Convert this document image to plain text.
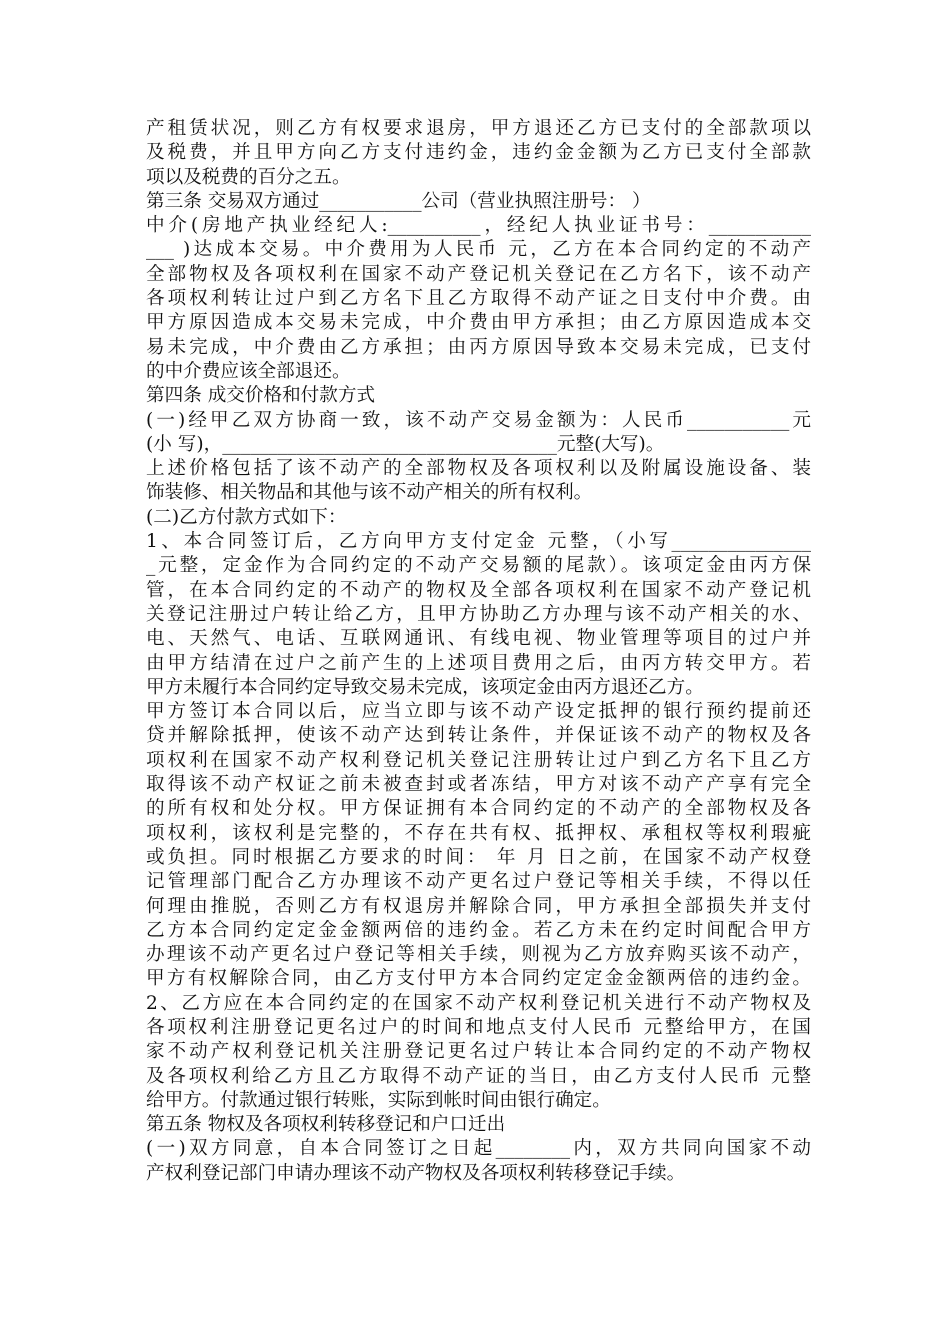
产租赁状况，则乙方有权要求退房，甲方退还乙方已支付的全部款项以
及税费，并且甲方向乙方支付违约金，违约金金额为乙方已支付全部款
项以及税费的百分之五。
第三条 交易双方通过___________公司（营业执照注册号： ）
中介(房地产执业经纪人:__________，经纪人执业证书号：___________
___ )达成本交易。中介费用为人民币 元，乙方在本合同约定的不动产
全部物权及各项权利在国家不动产登记机关登记在乙方名下，该不动产
各项权利转让过户到乙方名下且乙方取得不动产证之日支付中介费。由
甲方原因造成本交易未完成，中介费由甲方承担；由乙方原因造成本交
易未完成，中介费由乙方承担；由丙方原因导致本交易未完成，已支付
的中介费应该全部退还。
第四条 成交价格和付款方式
(一)经甲乙双方协商一致，该不动产交易金额为：人民币___________元
(小 写)，____________________________________元整(大写)。
上述价格包括了该不动产的全部物权及各项权利以及附属设施设备、装
饰装修、相关物品和其他与该不动产相关的所有权利。
(二)乙方付款方式如下：
1、本合同签订后，乙方向甲方支付定金 元整，（小写_______________
_元整，定金作为合同约定的不动产交易额的尾款）。该项定金由丙方保
管，在本合同约定的不动产的物权及全部各项权利在国家不动产登记机
关登记注册过户转让给乙方，且甲方协助乙方办理与该不动产相关的水、
电、天然气、电话、互联网通讯、有线电视、物业管理等项目的过户并
由甲方结清在过户之前产生的上述项目费用之后，由丙方转交甲方。若
甲方未履行本合同约定导致交易未完成，该项定金由丙方退还乙方。
甲方签订本合同以后，应当立即与该不动产设定抵押的银行预约提前还
贷并解除抵押，使该不动产达到转让条件，并保证该不动产的物权及各
项权利在国家不动产权利登记机关登记注册转让过户到乙方名下且乙方
取得该不动产权证之前未被查封或者冻结，甲方对该不动产产享有完全
的所有权和处分权。甲方保证拥有本合同约定的不动产的全部物权及各
项权利，该权利是完整的，不存在共有权、抵押权、承租权等权利瑕疵
或负担。同时根据乙方要求的时间： 年 月 日之前，在国家不动产权登
记管理部门配合乙方办理该不动产更名过户登记等相关手续，不得以任
何理由推脱，否则乙方有权退房并解除合同，甲方承担全部损失并支付
乙方本合同约定定金金额两倍的违约金。若乙方未在约定时间配合甲方
办理该不动产更名过户登记等相关手续，则视为乙方放弃购买该不动产，
甲方有权解除合同，由乙方支付甲方本合同约定定金金额两倍的违约金。
2、乙方应在本合同约定的在国家不动产权利登记机关进行不动产物权及
各项权利注册登记更名过户的时间和地点支付人民币 元整给甲方，在国
家不动产权利登记机关注册登记更名过户转让本合同约定的不动产物权
及各项权利给乙方且乙方取得不动产证的当日，由乙方支付人民币 元整
给甲方。付款通过银行转账，实际到帐时间由银行确定。
第五条 物权及各项权利转移登记和户口迁出
(一)双方同意，自本合同签订之日起________内，双方共同向国家不动
产权利登记部门申请办理该不动产物权及各项权利转移登记手续。
